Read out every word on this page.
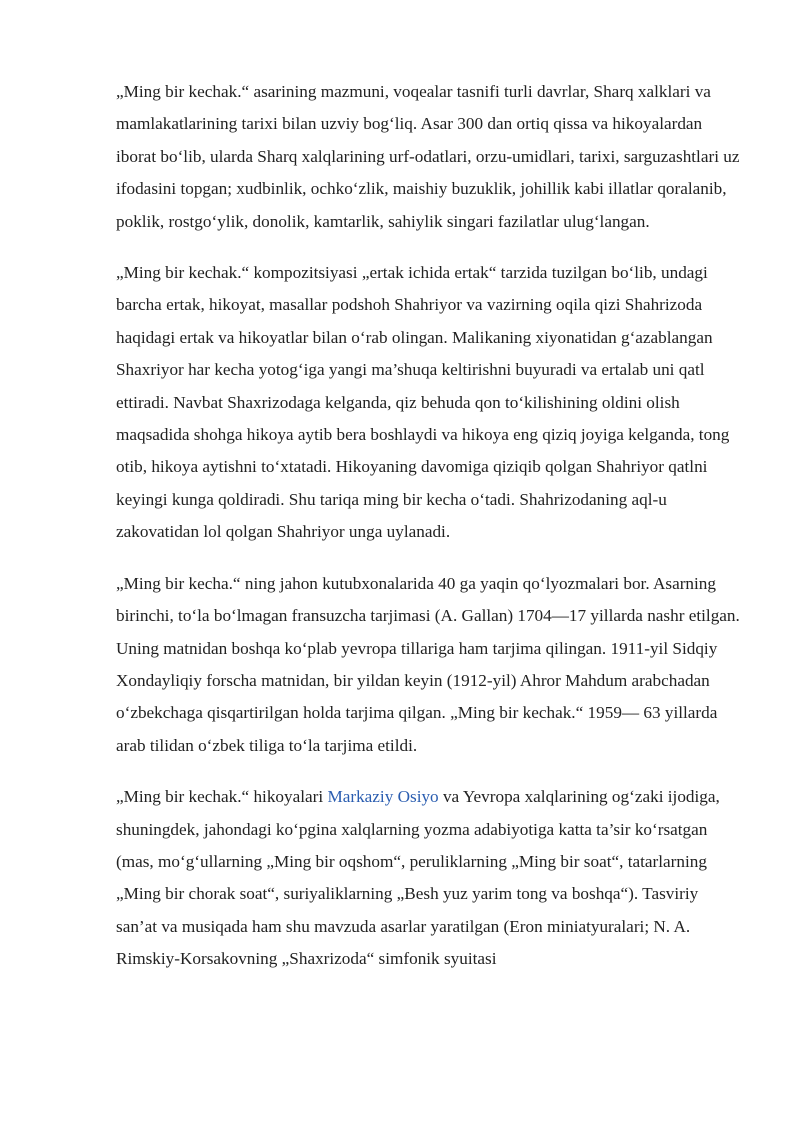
„Ming bir kechak.“ asarining mazmuni, voqealar tasnifi turli davrlar, Sharq xalklari va mamlakatlarining tarixi bilan uzviy bog‘liq. Asar 300 dan ortiq qissa va hikoyalardan iborat bo‘lib, ularda Sharq xalqlarining urf-odatlari, orzu-umidlari, tarixi, sarguzashtlari uz ifodasini topgan; xudbinlik, ochko‘zlik, maishiy buzuklik, johillik kabi illatlar qoralanib, poklik, rostgo‘ylik, donolik, kamtarlik, sahiylik singari fazilatlar ulug‘langan.

„Ming bir kechak.“ kompozitsiyasi „ertak ichida ertak“ tarzida tuzilgan bo‘lib, undagi barcha ertak, hikoyat, masallar podshoh Shahriyor va vazirning oqila qizi Shahrizoda haqidagi ertak va hikoyatlar bilan o‘rab olingan. Malikaning xiyonatidan g‘azablangan Shaxriyor har kecha yotog‘iga yangi ma’shuqa keltirishni buyuradi va ertalab uni qatl ettiradi. Navbat Shaxrizodaga kelganda, qiz behuda qon to‘kilishining oldini olish maqsadida shohga hikoya aytib bera boshlaydi va hikoya eng qiziq joyiga kelganda, tong otib, hikoya aytishni to‘xtatadi. Hikoyaning davomiga qiziqib qolgan Shahriyor qatlni keyingi kunga qoldiradi. Shu tariqa ming bir kecha o‘tadi. Shahrizodaning aql-u zakovatidan lol qolgan Shahriyor unga uylanadi.

„Ming bir kecha.“ ning jahon kutubxonalarida 40 ga yaqin qo‘lyozmalari bor. Asarning birinchi, to‘la bo‘lmagan fransuzcha tarjimasi (A. Gallan) 1704—17 yillarda nashr etilgan. Uning matnidan boshqa ko‘plab yevropa tillariga ham tarjima qilingan. 1911-yil Sidqiy Xondayliqiy forscha matnidan, bir yildan keyin (1912-yil) Ahror Mahdum arabchadan o‘zbekchaga qisqartirilgan holda tarjima qilgan. „Ming bir kechak.“ 1959— 63 yillarda arab tilidan o‘zbek tiliga to‘la tarjima etildi.

„Ming bir kechak.“ hikoyalari Markaziy Osiyo va Yevropa xalqlarining og‘zaki ijodiga, shuningdek, jahondagi ko‘pgina xalqlarning yozma adabiyotiga katta ta’sir ko‘rsatgan (mas, mo‘g‘ullarning „Ming bir oqshom“, peruliklarning „Ming bir soat“, tatarlarning „Ming bir chorak soat“, suriyaliklarning „Besh yuz yarim tong va boshqa“). Tasviriy san’at va musiqada ham shu mavzuda asarlar yaratilgan (Eron miniatyuralari; N. A. Rimskiy-Korsakovning „Shaxrizoda“ simfonik syuitasi
